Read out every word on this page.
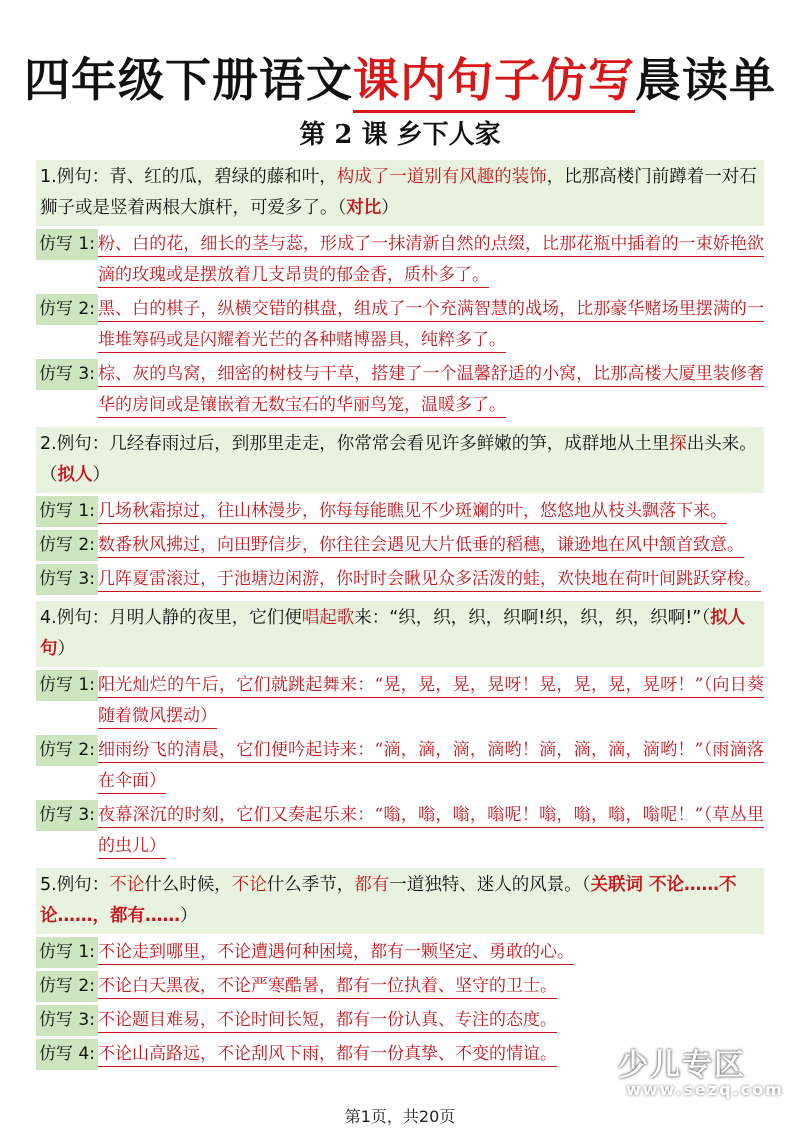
四年级下册语文课内句子仿写晨读单
第 2 课 乡下人家
1.例句：青、红的瓜，碧绿的藤和叶，构成了一道别有风趣的装饰，比那高楼门前蹲着一对石狮子或是竖着两根大旗杆，可爱多了。（对比）
仿写 1: 粉、白的花，细长的茎与蕊，形成了一抹清新自然的点缀，比那花瓶中插着的一束娇艳欲滴的玫瑰或是摆放着几支昂贵的郁金香，质朴多了。
仿写 2: 黑、白的棋子，纵横交错的棋盘，组成了一个充满智慧的战场，比那豪华赌场里摆满的一堆堆筹码或是闪耀着光芒的各种赌博器具，纯粹多了。
仿写 3: 棕、灰的鸟窝，细密的树枝与干草，搭建了一个温馨舒适的小窝，比那高楼大厦里装修奢华的房间或是镶嵌着无数宝石的华丽鸟笼，温暖多了。
2.例句：几经春雨过后，到那里走走，你常常会看见许多鲜嫩的笋，成群地从土里探出头来。（拟人）
仿写 1: 几场秋霜掠过，往山林漫步，你每每能瞧见不少斑斓的叶，悠悠地从枝头飘落下来。
仿写 2: 数番秋风拂过，向田野信步，你往往会遇见大片低垂的稻穗，谦逊地在风中颔首致意。
仿写 3: 几阵夏雷滚过，于池塘边闲游，你时时会瞅见众多活泼的蛙，欢快地在荷叶间跳跃穿梭。
4.例句：月明人静的夜里，它们便唱起歌来：“织，织，织，织啊!织，织，织，织啊!”（拟人句）
仿写 1: 阳光灿烂的午后，它们就跳起舞来：“晃，晃，晃，晃呀！晃，晃，晃，晃呀！”（向日葵随着微风摆动）
仿写 2: 细雨纷飞的清晨，它们便吟起诗来：“滴，滴，滴，滴哟！滴，滴，滴，滴哟！”（雨滴落在伞面）
仿写 3: 夜幕深沉的时刻，它们又奏起乐来：“嗡，嗡，嗡，嗡呢！嗡，嗡，嗡，嗡呢！”（草丛里的虫儿）
5.例句：不论什么时候，不论什么季节，都有一道独特、迷人的风景。（关联词 不论……不论……，都有……）
仿写 1: 不论走到哪里，不论遭遇何种困境，都有一颗坚定、勇敢的心。
仿写 2: 不论白天黑夜，不论严寒酷暑，都有一位执着、坚守的卫士。
仿写 3: 不论题目难易，不论时间长短，都有一份认真、专注的态度。
仿写 4: 不论山高路远，不论刮风下雨，都有一份真挚、不变的情谊。 少儿专区
www.sezq.com
第1页，共20页
